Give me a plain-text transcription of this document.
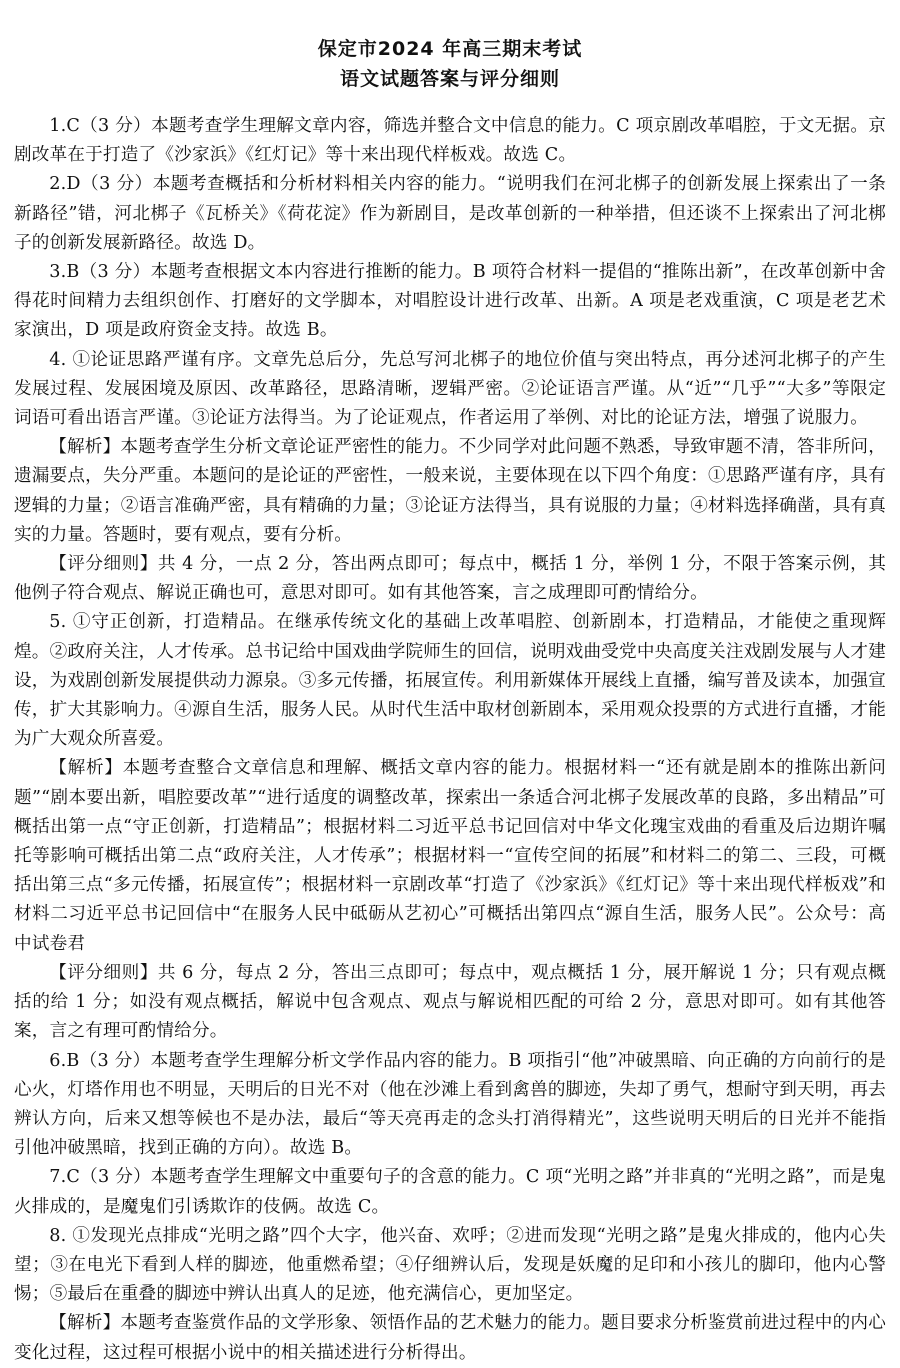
保定市2024 年高三期末考试
语文试题答案与评分细则

1.C（3 分）本题考查学生理解文章内容，筛选并整合文中信息的能力。C 项京剧改革唱腔，于文无据。京剧改革在于打造了《沙家浜》《红灯记》等十来出现代样板戏。故选 C。

2.D（3 分）本题考查概括和分析材料相关内容的能力。“说明我们在河北梆子的创新发展上探索出了一条新路径”错，河北梆子《瓦桥关》《荷花淀》作为新剧目，是改革创新的一种举措，但还谈不上探索出了河北梆子的创新发展新路径。故选 D。

3.B（3 分）本题考查根据文本内容进行推断的能力。B 项符合材料一提倡的“推陈出新”，在改革创新中舍得花时间精力去组织创作、打磨好的文学脚本，对唱腔设计进行改革、出新。A 项是老戏重演，C 项是老艺术家演出，D 项是政府资金支持。故选 B。

4. ①论证思路严谨有序。文章先总后分，先总写河北梆子的地位价值与突出特点，再分述河北梆子的产生发展过程、发展困境及原因、改革路径，思路清晰，逻辑严密。②论证语言严谨。从“近”“几乎”“大多”等限定词语可看出语言严谨。③论证方法得当。为了论证观点，作者运用了举例、对比的论证方法，增强了说服力。

【解析】本题考查学生分析文章论证严密性的能力。不少同学对此问题不熟悉，导致审题不清，答非所问，遗漏要点，失分严重。本题问的是论证的严密性，一般来说，主要体现在以下四个角度：①思路严谨有序，具有逻辑的力量；②语言准确严密，具有精确的力量；③论证方法得当，具有说服的力量；④材料选择确凿，具有真实的力量。答题时，要有观点，要有分析。

【评分细则】共 4 分，一点 2 分，答出两点即可；每点中，概括 1 分，举例 1 分，不限于答案示例，其他例子符合观点、解说正确也可，意思对即可。如有其他答案，言之成理即可酌情给分。

5. ①守正创新，打造精品。在继承传统文化的基础上改革唱腔、创新剧本，打造精品，才能使之重现辉煌。②政府关注，人才传承。总书记给中国戏曲学院师生的回信，说明戏曲受党中央高度关注戏剧发展与人才建设，为戏剧创新发展提供动力源泉。③多元传播，拓展宣传。利用新媒体开展线上直播，编写普及读本，加强宣传，扩大其影响力。④源自生活，服务人民。从时代生活中取材创新剧本，采用观众投票的方式进行直播，才能为广大观众所喜爱。

【解析】本题考查整合文章信息和理解、概括文章内容的能力。根据材料一“还有就是剧本的推陈出新问题”“剧本要出新，唱腔要改革”“进行适度的调整改革，探索出一条适合河北梆子发展改革的良路，多出精品”可概括出第一点“守正创新，打造精品”；根据材料二习近平总书记回信对中华文化瑰宝戏曲的看重及后边期许嘱托等影响可概括出第二点“政府关注，人才传承”；根据材料一“宣传空间的拓展”和材料二的第二、三段，可概括出第三点“多元传播，拓展宣传”；根据材料一京剧改革“打造了《沙家浜》《红灯记》等十来出现代样板戏”和材料二习近平总书记回信中“在服务人民中砥砺从艺初心”可概括出第四点“源自生活，服务人民”。公众号：高中试卷君

【评分细则】共 6 分，每点 2 分，答出三点即可；每点中，观点概括 1 分，展开解说 1 分；只有观点概括的给 1 分；如没有观点概括，解说中包含观点、观点与解说相匹配的可给 2 分，意思对即可。如有其他答案，言之有理可酌情给分。

6.B（3 分）本题考查学生理解分析文学作品内容的能力。B 项指引“他”冲破黑暗、向正确的方向前行的是心火，灯塔作用也不明显，天明后的日光不对（他在沙滩上看到禽兽的脚迹，失却了勇气，想耐守到天明，再去辨认方向，后来又想等候也不是办法，最后“等天亮再走的念头打消得精光”，这些说明天明后的日光并不能指引他冲破黑暗，找到正确的方向）。故选 B。

7.C（3 分）本题考查学生理解文中重要句子的含意的能力。C 项“光明之路”并非真的“光明之路”，而是鬼火排成的，是魔鬼们引诱欺诈的伎俩。故选 C。

8. ①发现光点排成“光明之路”四个大字，他兴奋、欢呼；②进而发现“光明之路”是鬼火排成的，他内心失望；③在电光下看到人样的脚迹，他重燃希望；④仔细辨认后，发现是妖魔的足印和小孩儿的脚印，他内心警惕；⑤最后在重叠的脚迹中辨认出真人的足迹，他充满信心，更加坚定。

【解析】本题考查鉴赏作品的文学形象、领悟作品的艺术魅力的能力。题目要求分析鉴赏前进过程中的内心变化过程，这过程可根据小说中的相关描述进行分析得出。
